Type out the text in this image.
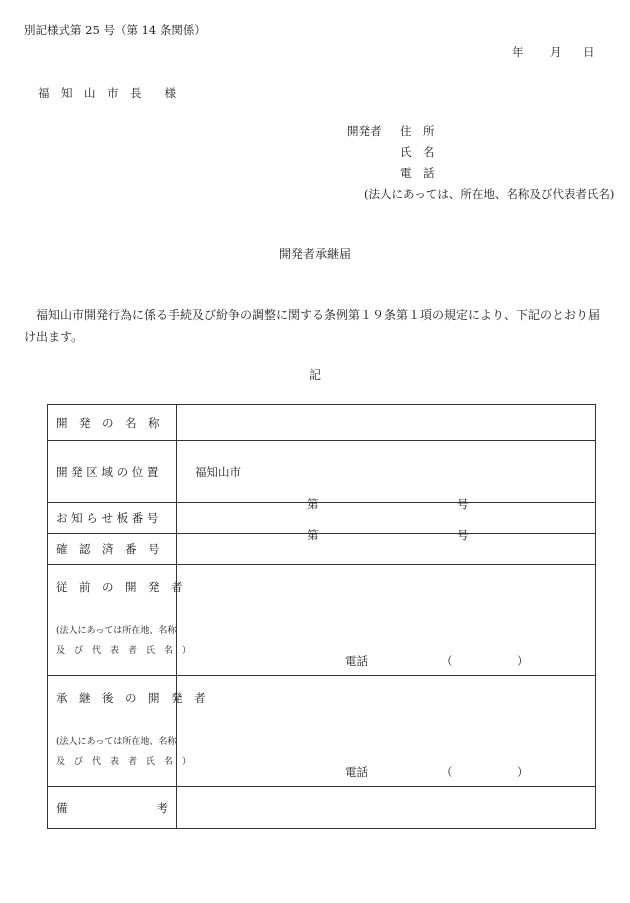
別記様式第 25 号（第 14 条関係）
年 月 日
福　知　山　市　長　　様
開発者 住　所
氏　名
電　話
(法人にあっては、所在地、名称及び代表者氏名)
開発者承継届
福知山市開発行為に係る手続及び紛争の調整に関する条例第１９条第１項の規定により、下記のとおり届け出ます。
記
開　発　の　名　称	

開 発 区 域 の 位 置	福知山市

お 知 ら せ 板 番 号	第 号

確　認　済　番　号	第 号

従　前　の　開　発　者
(法人にあっては所在地、名称
及　び　代　表　者　氏　名　）	電話 （ ）

承　継　後　の　開　発　者
(法人にあっては所在地、名称
及　び　代　表　者　氏　名　）	電話 （ ）

備 考	
